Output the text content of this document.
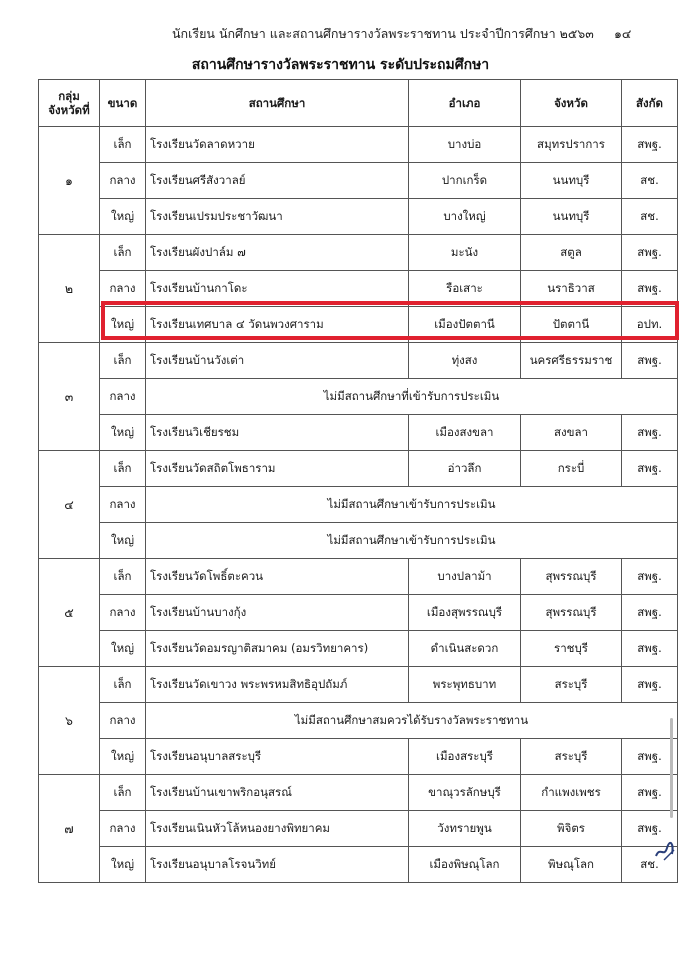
นักเรียน นักศึกษา และสถานศึกษารางวัลพระราชทาน ประจำปีการศึกษา ๒๕๖๓ ๑๔
สถานศึกษารางวัลพระราชทาน ระดับประถมศึกษา
กลุ่มจังหวัดที่	ขนาด	สถานศึกษา	อำเภอ	จังหวัด	สังกัด
๑	เล็ก	โรงเรียนวัดลาดหวาย	บางบ่อ	สมุทรปราการ	สพฐ.
	กลาง	โรงเรียนศรีสังวาลย์	ปากเกร็ด	นนทบุรี	สช.
	ใหญ่	โรงเรียนเปรมประชาวัฒนา	บางใหญ่	นนทบุรี	สช.
๒	เล็ก	โรงเรียนผังปาล์ม ๗	มะนัง	สตูล	สพฐ.
	กลาง	โรงเรียนบ้านกาโดะ	รือเสาะ	นราธิวาส	สพฐ.
	ใหญ่	โรงเรียนเทศบาล ๔ วัดนพวงศาราม	เมืองปัตตานี	ปัตตานี	อปท.
๓	เล็ก	โรงเรียนบ้านวังเต่า	ทุ่งสง	นครศรีธรรมราช	สพฐ.
	กลาง	ไม่มีสถานศึกษาที่เข้ารับการประเมิน			
	ใหญ่	โรงเรียนวิเชียรชม	เมืองสงขลา	สงขลา	สพฐ.
๔	เล็ก	โรงเรียนวัดสถิตโพธาราม	อ่าวลึก	กระบี่	สพฐ.
	กลาง	ไม่มีสถานศึกษาเข้ารับการประเมิน			
	ใหญ่	ไม่มีสถานศึกษาเข้ารับการประเมิน			
๕	เล็ก	โรงเรียนวัดโพธิ์ตะควน	บางปลาม้า	สุพรรณบุรี	สพฐ.
	กลาง	โรงเรียนบ้านบางกุ้ง	เมืองสุพรรณบุรี	สุพรรณบุรี	สพฐ.
	ใหญ่	โรงเรียนวัดอมรญาติสมาคม (อมรวิทยาคาร)	ดำเนินสะดวก	ราชบุรี	สพฐ.
๖	เล็ก	โรงเรียนวัดเขาวง พระพรหมสิทธิอุปถัมภ์	พระพุทธบาท	สระบุรี	สพฐ.
	กลาง	ไม่มีสถานศึกษาสมควรได้รับรางวัลพระราชทาน			
	ใหญ่	โรงเรียนอนุบาลสระบุรี	เมืองสระบุรี	สระบุรี	สพฐ.
๗	เล็ก	โรงเรียนบ้านเขาพริกอนุสรณ์	ขาณุวรลักษบุรี	กำแพงเพชร	สพฐ.
	กลาง	โรงเรียนเนินหัวโล้หนองยางพิทยาคม	วังทรายพูน	พิจิตร	สพฐ.
	ใหญ่	โรงเรียนอนุบาลโรจนวิทย์	เมืองพิษณุโลก	พิษณุโลก	สช.
